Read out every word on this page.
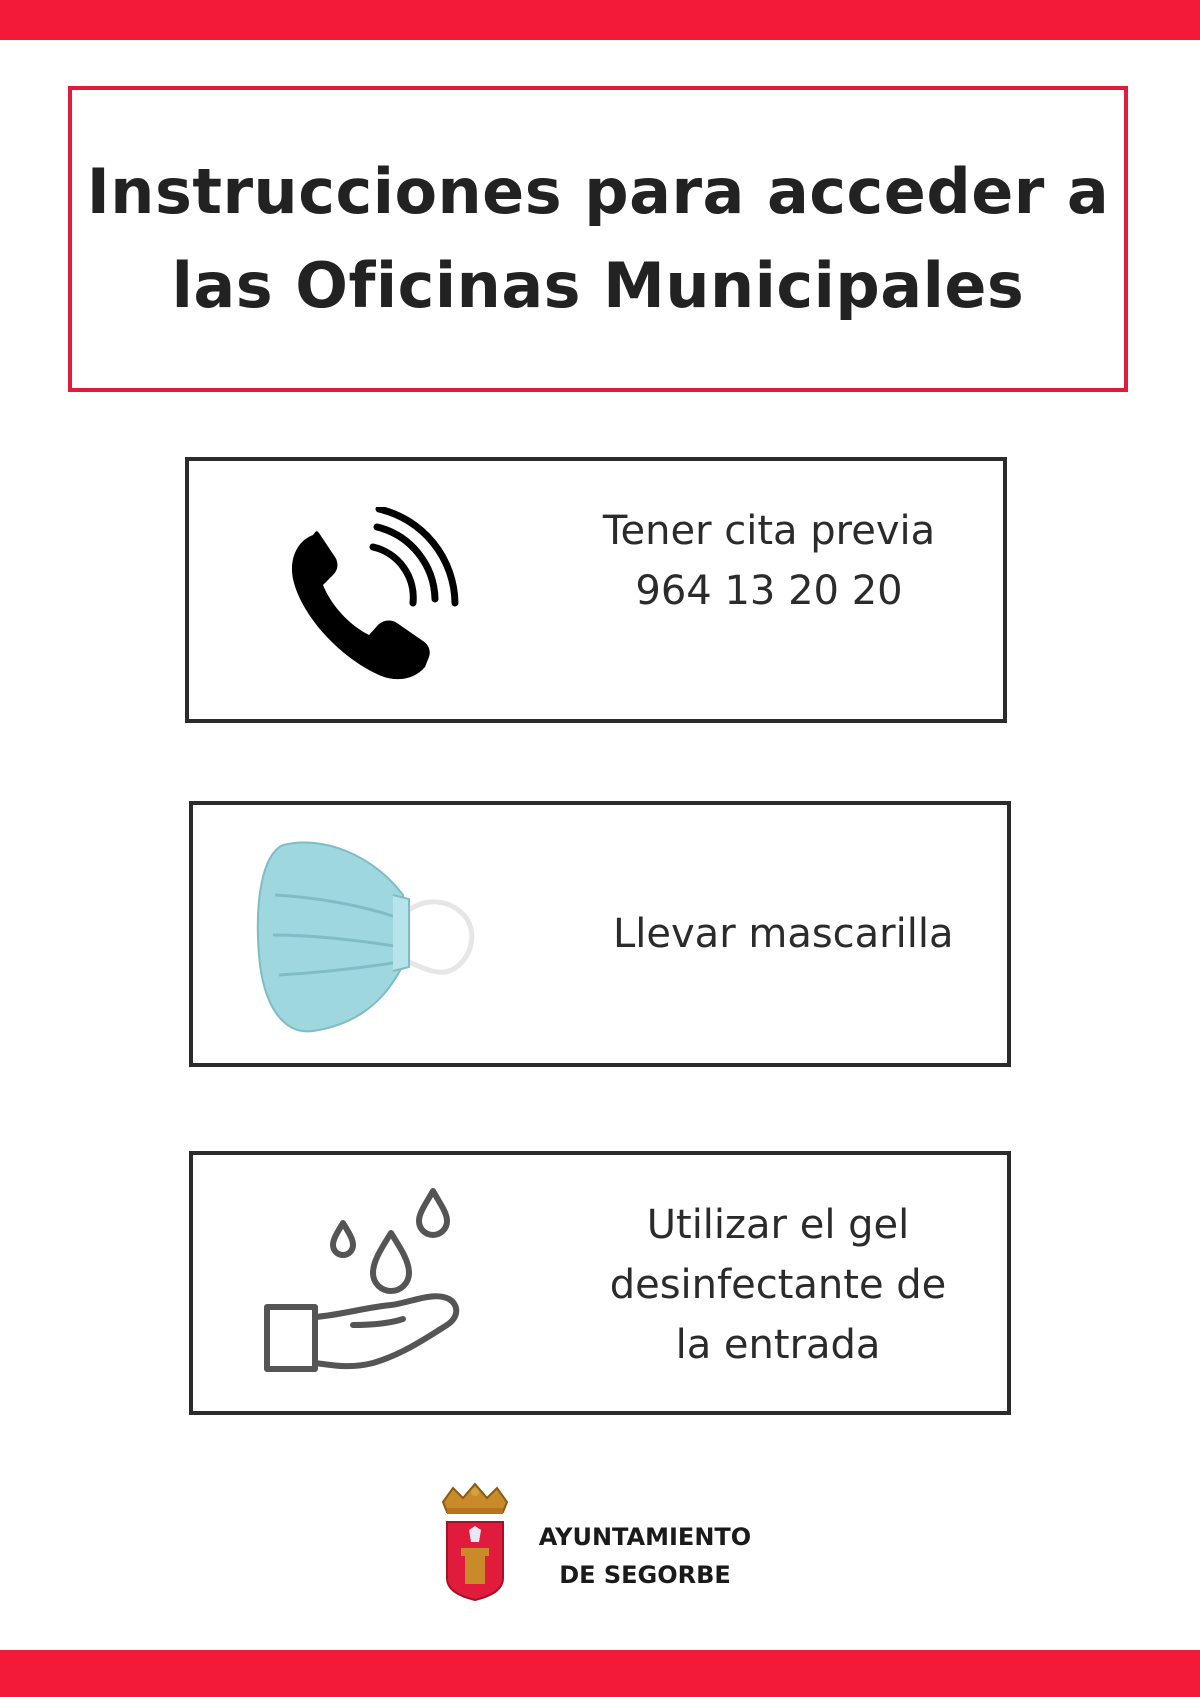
Instrucciones para acceder a
las Oficinas Municipales
Tener cita previa
964 13 20 20
Llevar mascarilla
Utilizar el gel
desinfectante de
la entrada
AYUNTAMIENTO
DE SEGORBE
